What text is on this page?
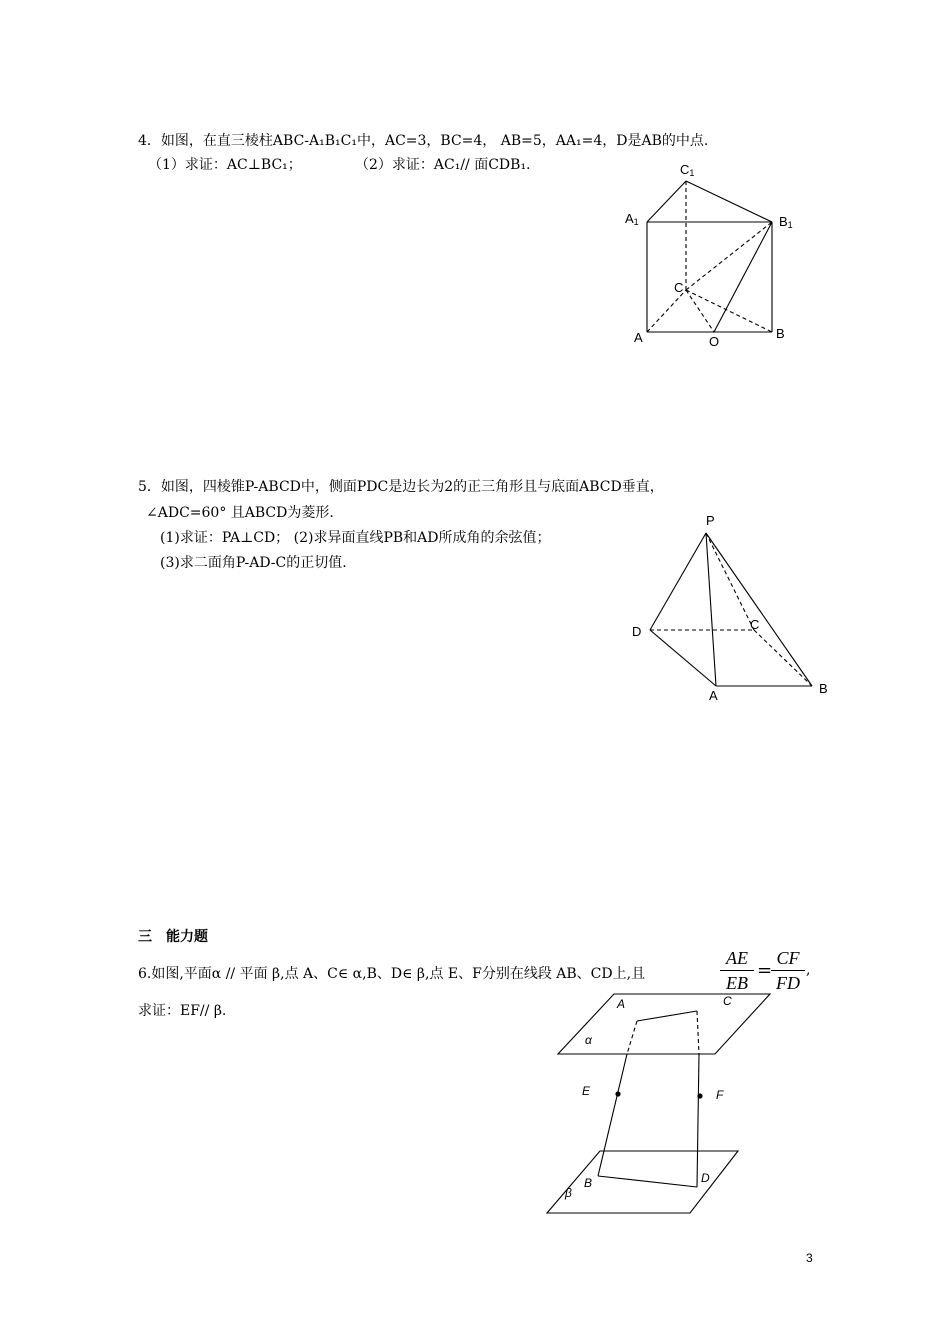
4．如图，在直三棱柱ABC-A₁B₁C₁中，AC=3，BC=4， AB=5，AA₁=4，D是AB的中点.
（1）求证：AC⊥BC₁；	（2）求证：AC₁// 面CDB₁.	$C_1$
$A_1$	$B_1$
C
A	O
B
5．如图，四棱锥P-ABCD中，侧面PDC是边长为2的正三角形且与底面ABCD垂直，
∠ADC=60° 且ABCD为菱形.
(1)求证：PA⊥CD； (2)求异面直线PB和AD所成角的余弦值；
(3)求二面角P-AD-C的正切值.
P
D	C
A	B
三　能力题
6.如图,平面α // 平面 β,点 A、C∈ α,B、D∈ β,点 E、F分别在线段 AB、CD上,且
AE
EB
=
CF
FD
,
求证：EF// β.	A	C
α
E	F
B	D
β
3
